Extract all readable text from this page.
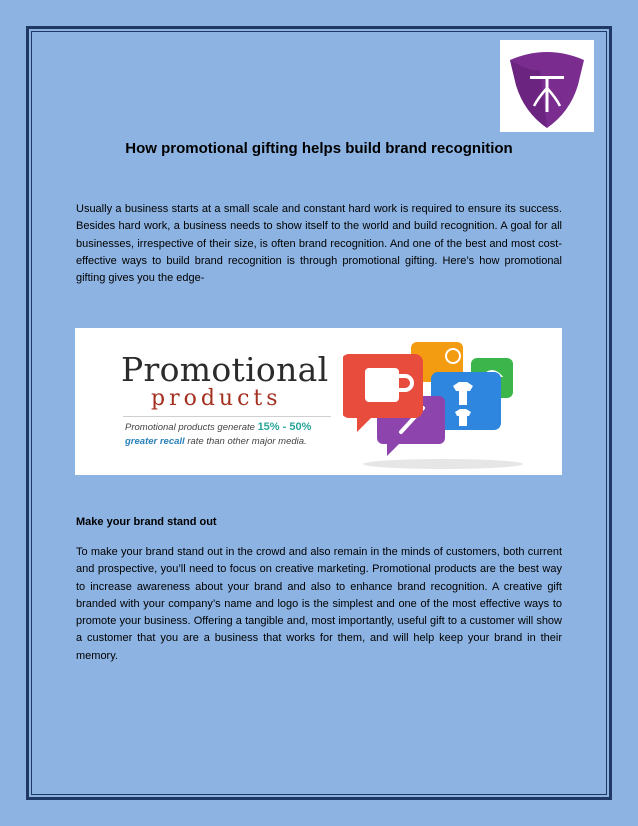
How promotional gifting helps build brand recognition

Usually a business starts at a small scale and constant hard work is required to ensure its success. Besides hard work, a business needs to show itself to the world and build recognition. A goal for all businesses, irrespective of their size, is often brand recognition. And one of the best and most cost-effective ways to build brand recognition is through promotional gifting. Here’s how promotional gifting gives you the edge-

Promotional
products
Promotional products generate 15% - 50%
greater recall rate than other major media.
Make your brand stand out

To make your brand stand out in the crowd and also remain in the minds of customers, both current and prospective, you’ll need to focus on creative marketing. Promotional products are the best way to increase awareness about your brand and also to enhance brand recognition. A creative gift branded with your company’s name and logo is the simplest and one of the most effective ways to promote your business. Offering a tangible and, most importantly, useful gift to a customer will show a customer that you are a business that works for them, and will help keep your brand in their memory.
